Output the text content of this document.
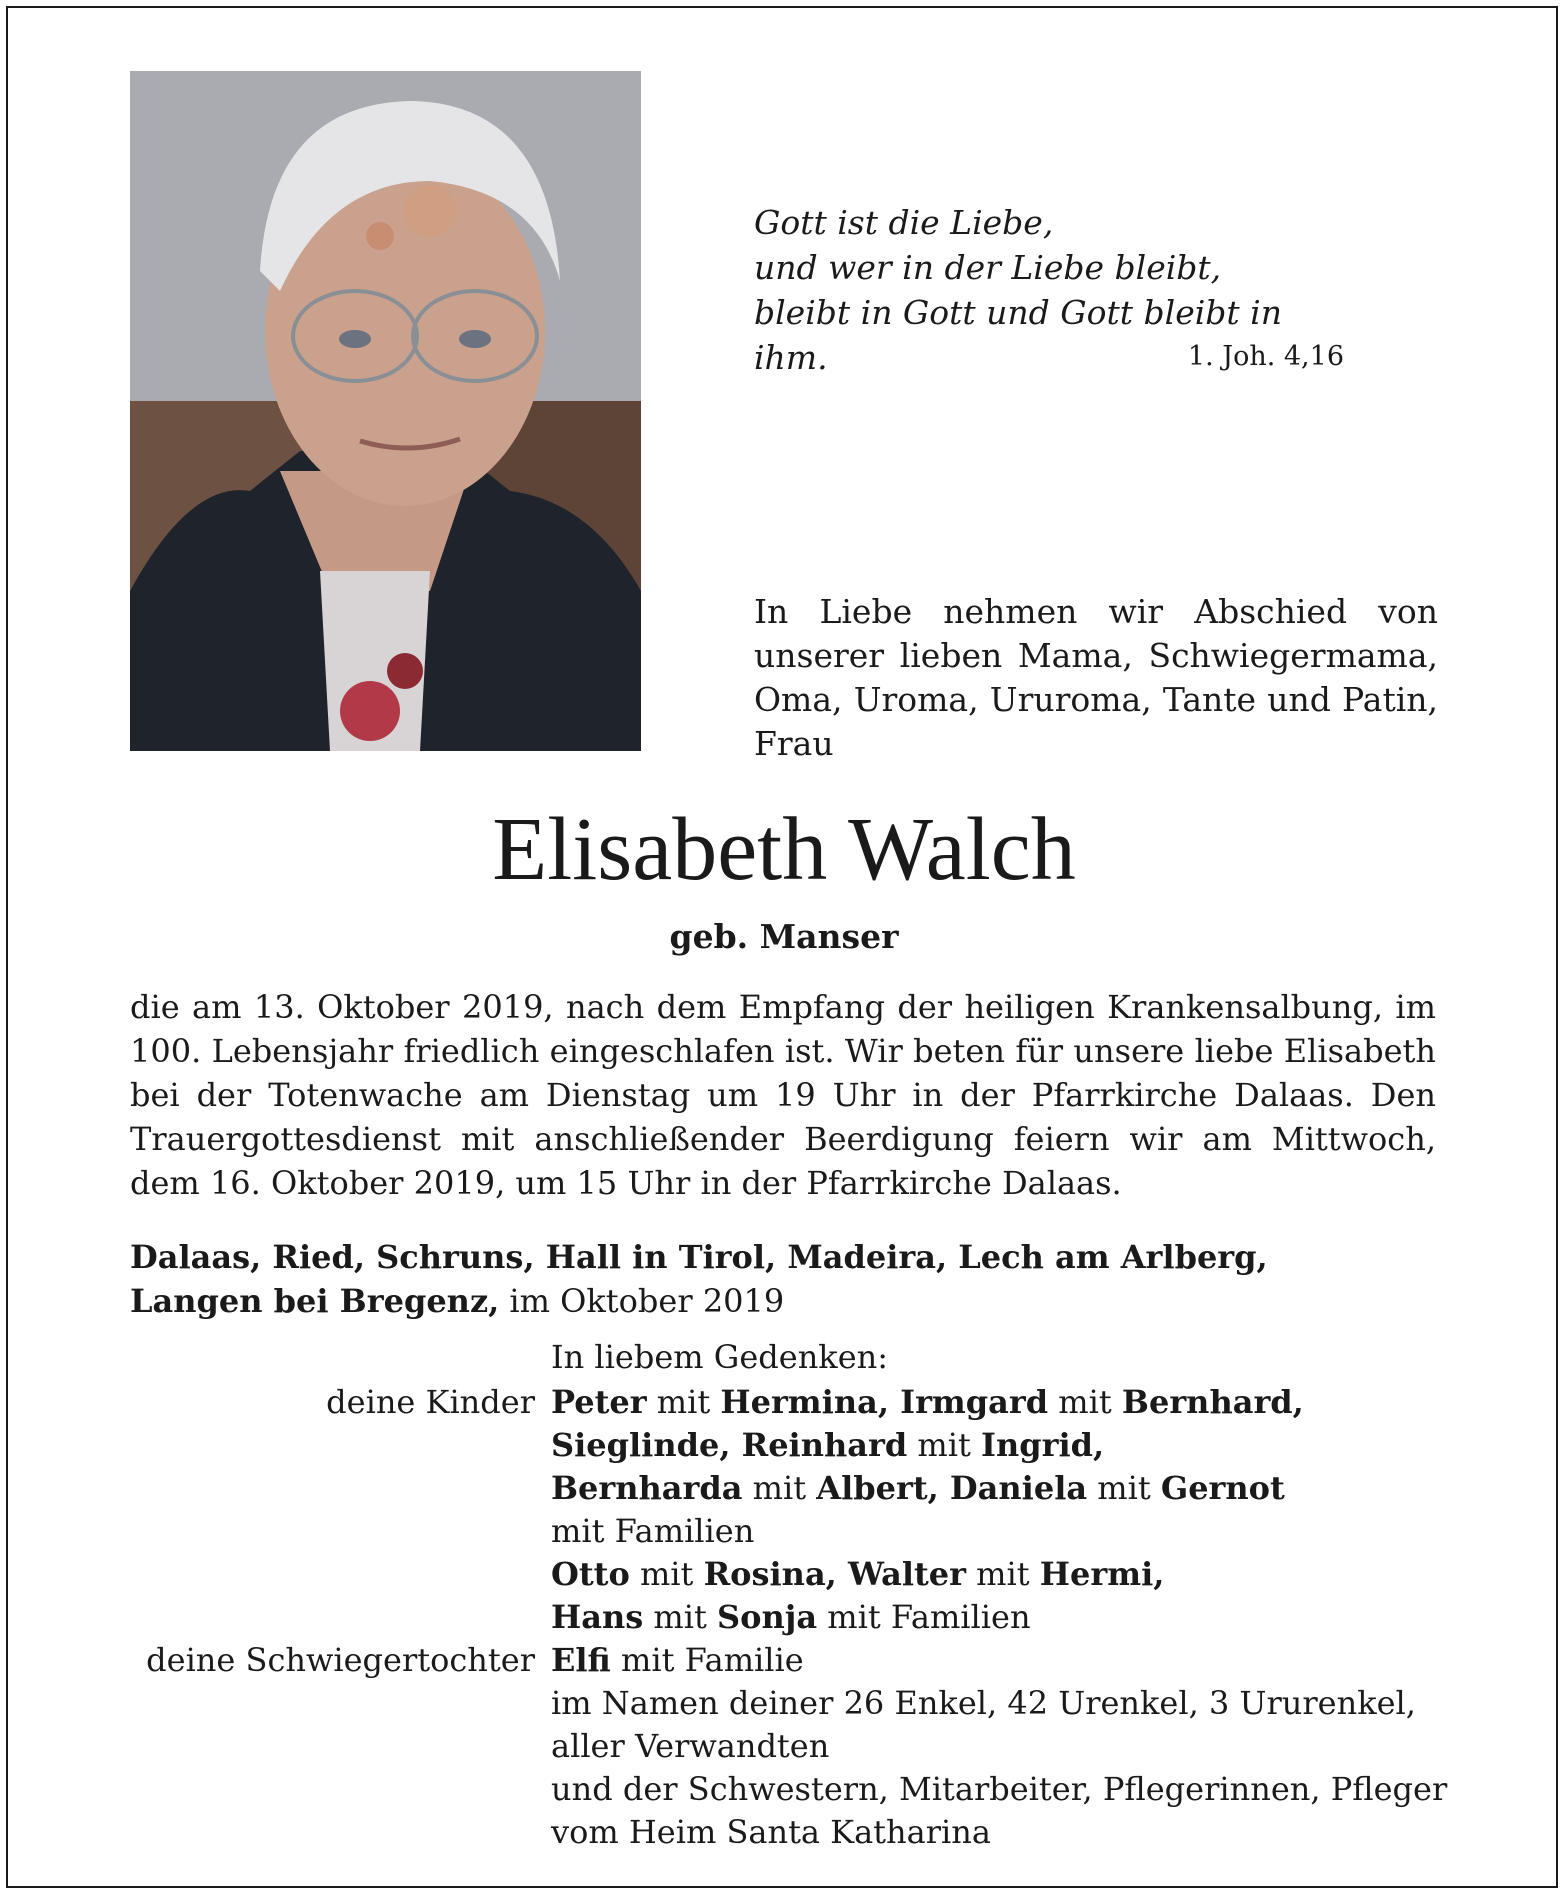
Gott ist die Liebe,
und wer in der Liebe bleibt,
bleibt in Gott und Gott bleibt in ihm.	1. Joh. 4,16
In Liebe nehmen wir Abschied von unserer lieben Mama, Schwiegermama, Oma, Uroma, Ururoma, Tante und Patin, Frau
Elisabeth Walch
geb. Manser
die am 13. Oktober 2019, nach dem Empfang der heiligen Krankensalbung, im 100. Lebensjahr friedlich eingeschlafen ist. Wir beten für unsere liebe Elisabeth bei der Totenwache am Dienstag um 19 Uhr in der Pfarrkirche Dalaas. Den Trauergottesdienst mit anschließender Beerdigung feiern wir am Mittwoch, dem 16. Oktober 2019, um 15 Uhr in der Pfarrkirche Dalaas.
Dalaas, Ried, Schruns, Hall in Tirol, Madeira, Lech am Arlberg,
Langen bei Bregenz, im Oktober 2019
In liebem Gedenken:
deine Kinder Peter mit Hermina, Irmgard mit Bernhard,
Sieglinde, Reinhard mit Ingrid,
Bernharda mit Albert, Daniela mit Gernot
mit Familien
Otto mit Rosina, Walter mit Hermi,
Hans mit Sonja mit Familien
deine Schwiegertochter Elfi mit Familie
im Namen deiner 26 Enkel, 42 Urenkel, 3 Ururenkel,
aller Verwandten
und der Schwestern, Mitarbeiter, Pflegerinnen, Pfleger
vom Heim Santa Katharina
